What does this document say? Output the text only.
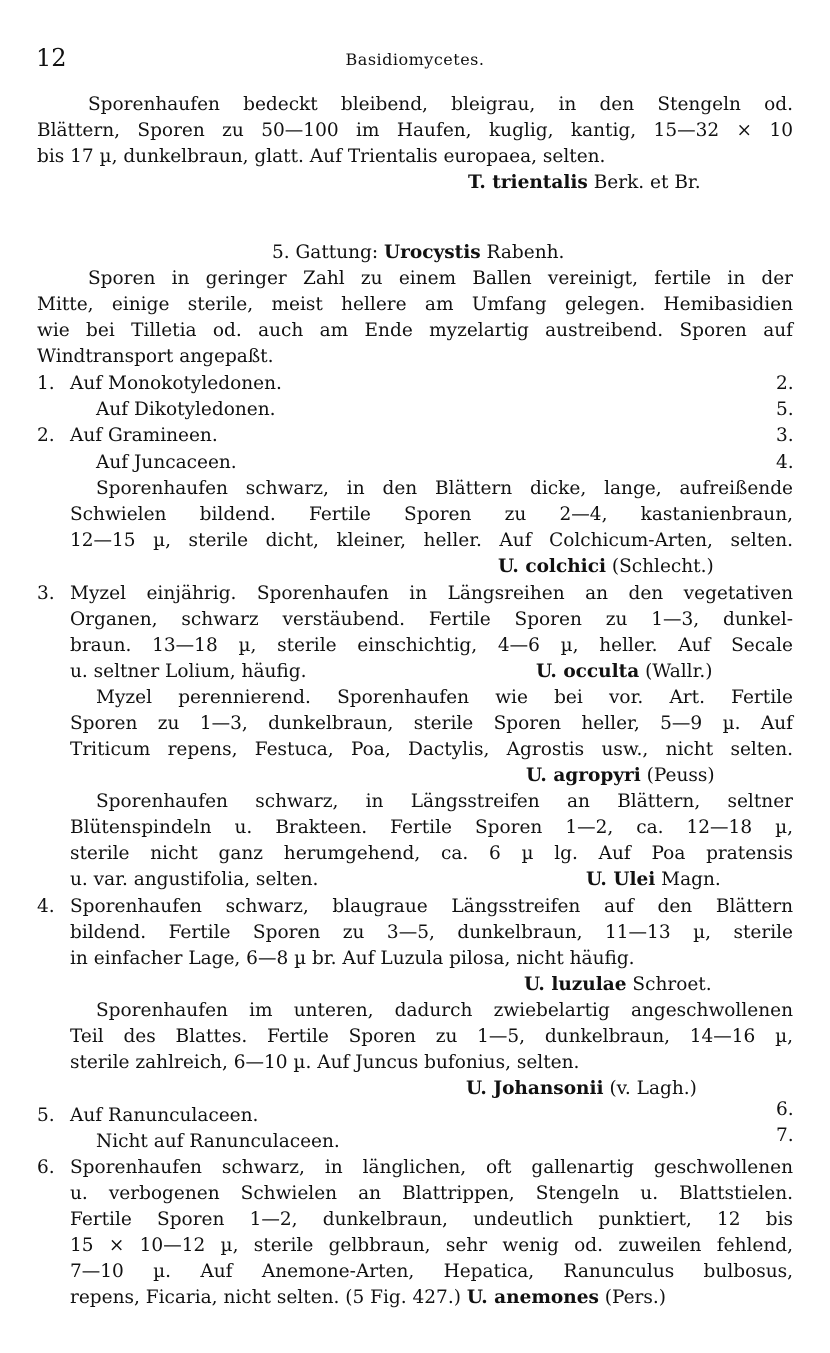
12	Basidiomycetes.
Sporenhaufen bedeckt bleibend, bleigrau, in den Stengeln od.
Blättern, Sporen zu 50—100 im Haufen, kuglig, kantig, 15—32 × 10
bis 17 µ, dunkelbraun, glatt. Auf Trientalis europaea, selten.
T. trientalis Berk. et Br.
5. Gattung: Urocystis Rabenh.
Sporen in geringer Zahl zu einem Ballen vereinigt, fertile in der
Mitte, einige sterile, meist hellere am Umfang gelegen. Hemibasidien
wie bei Tilletia od. auch am Ende myzelartig austreibend. Sporen auf
Windtransport angepaßt.
1. Auf Monokotyledonen.	2.
Auf Dikotyledonen.	5.
2. Auf Gramineen.	3.
Auf Juncaceen.	4.
Sporenhaufen schwarz, in den Blättern dicke, lange, aufreißende
Schwielen bildend. Fertile Sporen zu 2—4, kastanienbraun,
12—15 µ, sterile dicht, kleiner, heller. Auf Colchicum-Arten, selten.
U. colchici (Schlecht.)
3. Myzel einjährig. Sporenhaufen in Längsreihen an den vegetativen
Organen, schwarz verstäubend. Fertile Sporen zu 1—3, dunkel-
braun. 13—18 µ, sterile einschichtig, 4—6 µ, heller. Auf Secale
u. seltner Lolium, häufig.	U. occulta (Wallr.)
Myzel perennierend. Sporenhaufen wie bei vor. Art. Fertile
Sporen zu 1—3, dunkelbraun, sterile Sporen heller, 5—9 µ. Auf
Triticum repens, Festuca, Poa, Dactylis, Agrostis usw., nicht selten.
U. agropyri (Peuss)
Sporenhaufen schwarz, in Längsstreifen an Blättern, seltner
Blütenspindeln u. Brakteen. Fertile Sporen 1—2, ca. 12—18 µ,
sterile nicht ganz herumgehend, ca. 6 µ lg. Auf Poa pratensis
u. var. angustifolia, selten.	U. Ulei Magn.
4. Sporenhaufen schwarz, blaugraue Längsstreifen auf den Blättern
bildend. Fertile Sporen zu 3—5, dunkelbraun, 11—13 µ, sterile
in einfacher Lage, 6—8 µ br. Auf Luzula pilosa, nicht häufig.
U. luzulae Schroet.
Sporenhaufen im unteren, dadurch zwiebelartig angeschwollenen
Teil des Blattes. Fertile Sporen zu 1—5, dunkelbraun, 14—16 µ,
sterile zahlreich, 6—10 µ. Auf Juncus bufonius, selten.
U. Johansonii (v. Lagh.)
5. Auf Ranunculaceen.	6.
Nicht auf Ranunculaceen.	7.
6. Sporenhaufen schwarz, in länglichen, oft gallenartig geschwollenen
u. verbogenen Schwielen an Blattrippen, Stengeln u. Blattstielen.
Fertile Sporen 1—2, dunkelbraun, undeutlich punktiert, 12 bis
15 × 10—12 µ, sterile gelbbraun, sehr wenig od. zuweilen fehlend,
7—10 µ. Auf Anemone-Arten, Hepatica, Ranunculus bulbosus,
repens, Ficaria, nicht selten. (5 Fig. 427.) U. anemones (Pers.)
